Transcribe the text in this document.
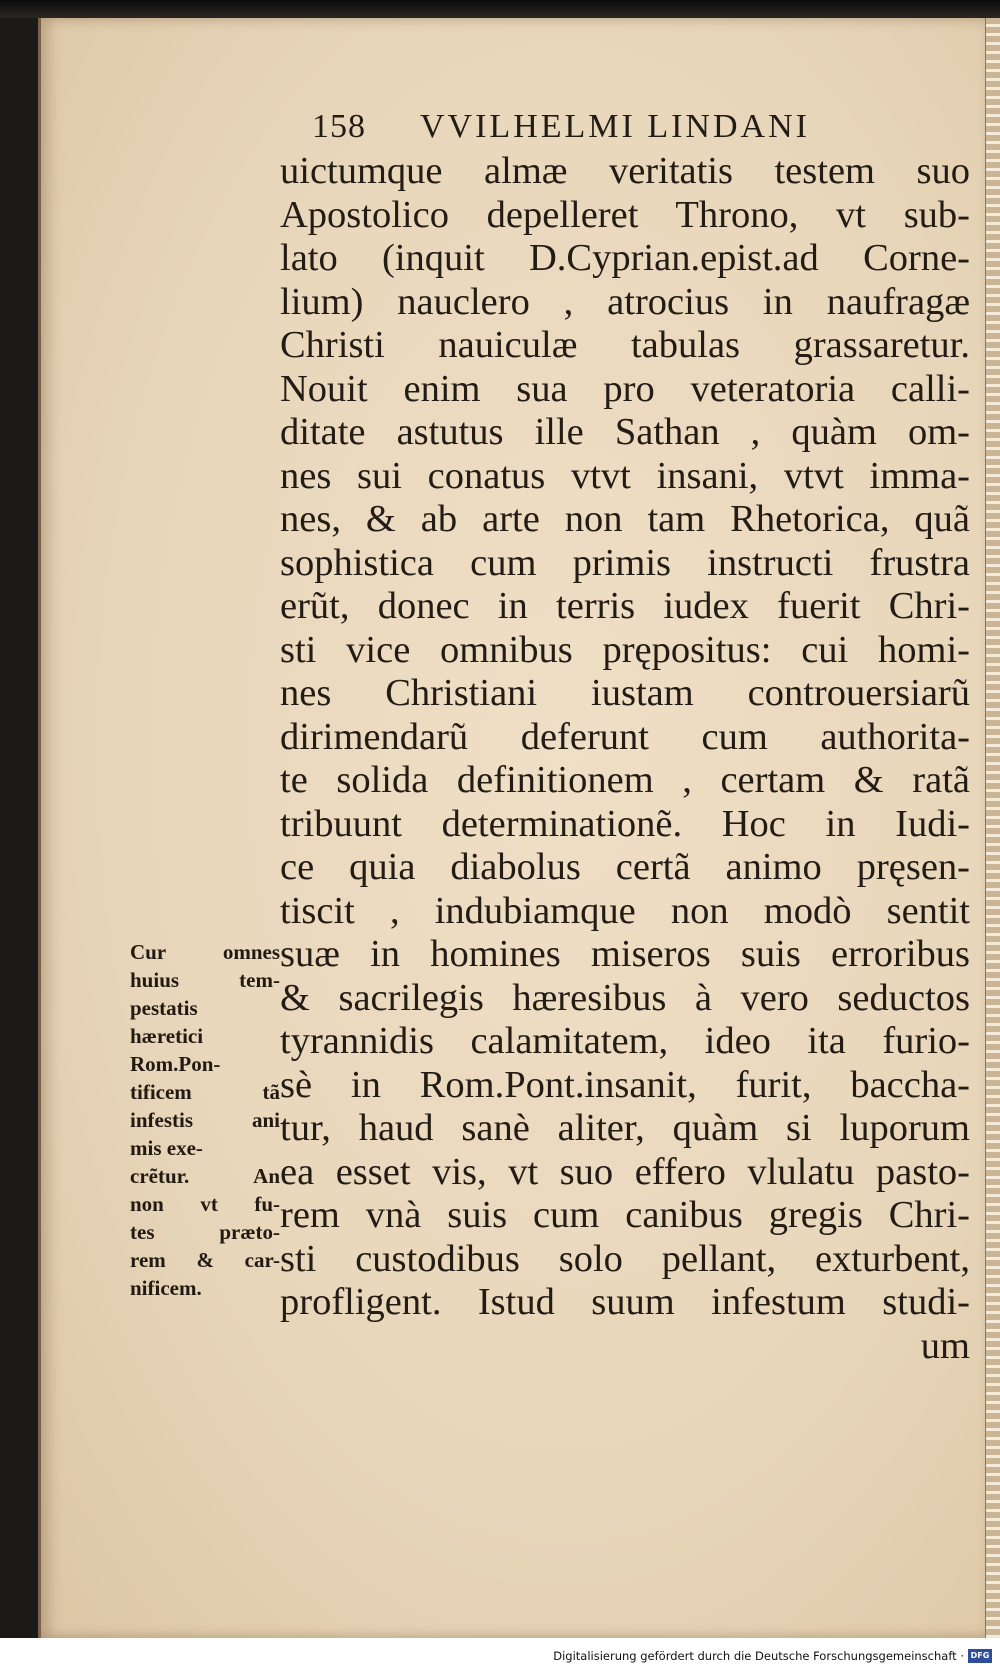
158 VVILHELMI LINDANI
uictumque almæ veritatis testem suo
Apostolico depelleret Throno, vt sub-
lato (inquit D.Cyprian.epist.ad Corne-
lium) nauclero , atrocius in naufragæ
Christi nauiculæ tabulas grassaretur.
Nouit enim sua pro veteratoria calli-
ditate astutus ille Sathan , quàm om-
nes sui conatus vtvt insani, vtvt imma-
nes, & ab arte non tam Rhetorica, quã
sophistica cum primis instructi frustra
erũt, donec in terris iudex fuerit Chri-
sti vice omnibus prępositus: cui homi-
nes Christiani iustam controuersiarũ
dirimendarũ deferunt cum authorita-
te solida definitionem , certam & ratã
tribuunt determinationẽ. Hoc in Iudi-
ce quia diabolus certã animo pręsen-
tiscit , indubiamque non modò sentit
suæ in homines miseros suis erroribus
& sacrilegis hæresibus à vero seductos
tyrannidis calamitatem, ideo ita furio-
sè in Rom.Pont.insanit, furit, baccha-
tur, haud sanè aliter, quàm si luporum
ea esset vis, vt suo effero vlulatu pasto-
rem vnà suis cum canibus gregis Chri-
sti custodibus solo pellant, exturbent,
profligent. Istud suum infestum studi-
um
Cur omnes
huius tem-
pestatis
hæretici
Rom.Pon-
tificem tã
infestis ani
mis exe-
crẽtur. An
non vt fu-
tes præto-
rem & car-
nificem.
Digitalisierung gefördert durch die Deutsche Forschungsgemeinschaft · DFG
